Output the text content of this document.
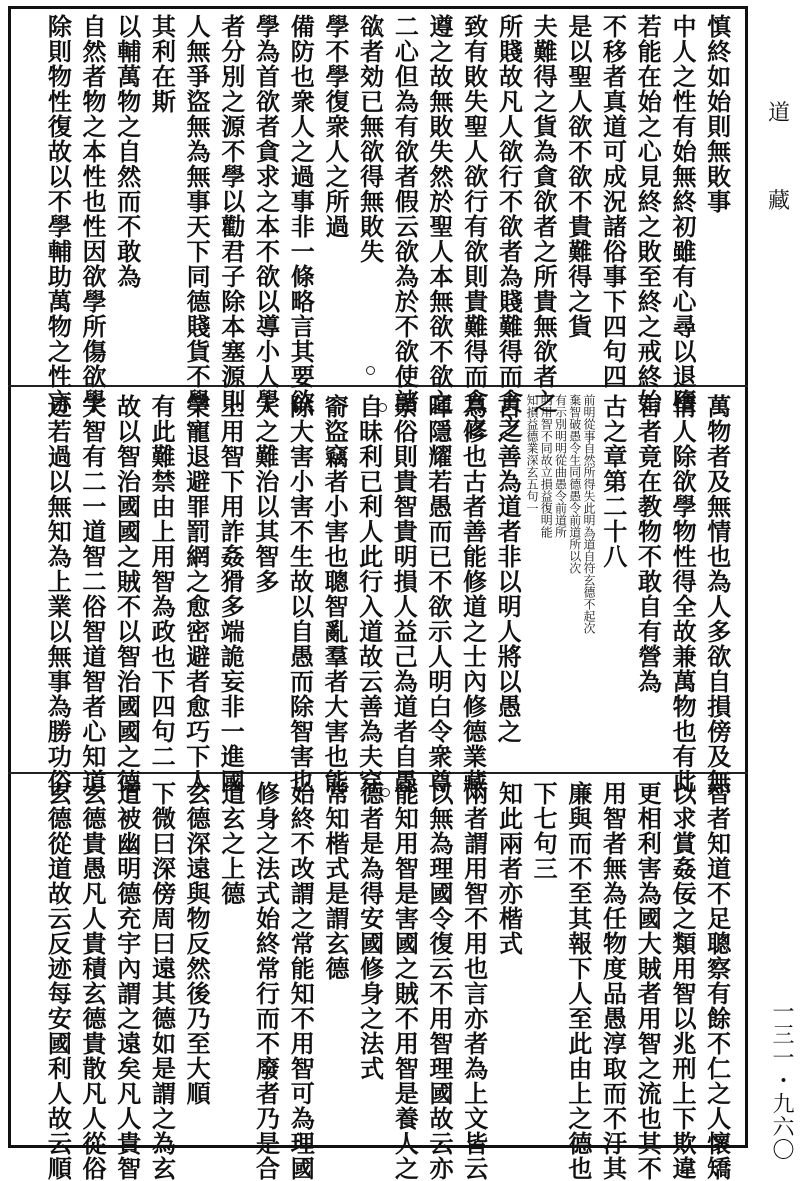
慎終如始則無敗事
中人之性有始無終初雖有心尋以退墮
若能在始之心見終之敗至終之戒終始
不移者真道可成況諸俗事下四句四
是以聖人欲不欲不貴難得之貨
夫難得之貨為貪欲者之所貴無欲者之
所賤故凡人欲行不欲者為賤難得而貪之
致有敗失聖人欲行有欲則貴難得而貪之
遵之故無敗失然於聖人本無欲不欲之
二心但為有欲者假云欲為於不欲使諸
欲者効已無欲得無敗失
學不學復衆人之所過
備防也衆人之過事非一條略言其要欲
學為首欲者貪求之本不欲以導小人學
者分別之源不學以勸君子除本塞源則
人無爭盜無為無事天下同德賤貨不學
其利在斯
以輔萬物之自然而不敢為
自然者物之本性也性因欲學所傷欲學
除則物性復故以不學輔助萬物之性言
萬物者及無情也為人多欲自損傍及無
情人除欲學物性得全故兼萬物也有此
言者竟在教物不敢自有營為
古之章第二十八
前明從事自然所得失此明為道自符玄德不起次
棄智破愚令生同德愚令前道所以次
有示別明明從曲愚令前道所
明用智不同故立損益復明能
知損益德業深玄五句一
古之善為道者非以明人將以愚之
為修也古者善能修道之士內修德業藏
暉隱耀若愚而已不欲示人明白令衆尊
崇俗則貴智貴明損人益己為道者自愚
自昧利已利人此行入道故云善為夫穿
窬盜竊者小害也聰智亂羣者大害也能
除大害小害不生故以自愚而除智害也
人之難治以其智多
上用智下用詐姦猾多端詭妄非一進國
榮寵退避罪罰網之愈密避者愈巧下人
有此難禁由上用智為政也下四句二
故以智治國國之賊不以智治國國之德
夫智有二一道智二俗智道智者心知道
迹若過以無知為上業以無事為勝功俗
智者知道不足聰察有餘不仁之人懷矯
以求賞姦佞之類用智以兆刑上下欺違
更相利害為國大賊者用智之流也其不
用智者無為任物度品愚淳取而不汙其
廉與而不至其報下人至此由上之德也
下七句三
知此兩者亦楷式
兩者謂用智不用也言亦者為上文皆云
以無為理國令復云不用智理國故云亦
能知用智是害國之賊不用智是養人之
德者是為得安國修身之法式
常知楷式是謂玄德
始終不改謂之常能知不用智可為理國
修身之法式始終常行而不廢者乃是合
道玄之上德
玄德深遠與物反然後乃至大順
下微曰深傍周曰遠其德如是謂之為玄
道被幽明德充宇內謂之遠矣凡人貴智
玄德貴愚凡人貴積玄德貴散凡人從俗
玄德從道故云反迹每安國利人故云順
道
藏
一三一・九六〇
